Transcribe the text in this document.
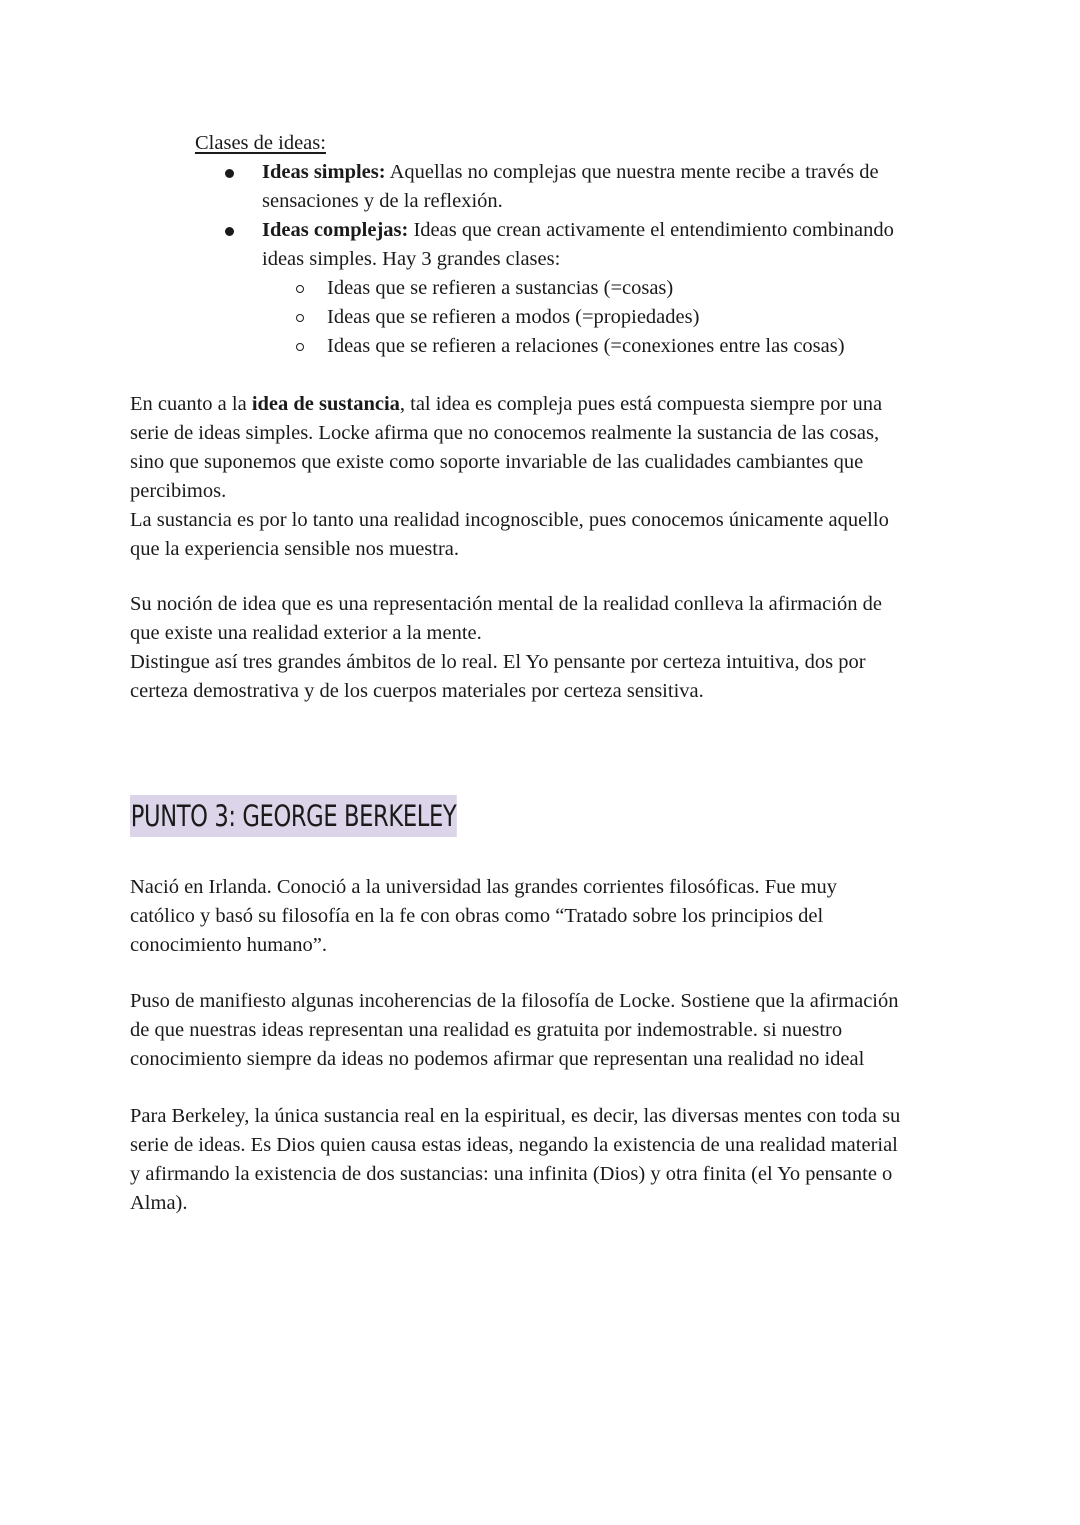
Clases de ideas:

Ideas simples: Aquellas no complejas que nuestra mente recibe a través de

sensaciones y de la reflexión.

Ideas complejas: Ideas que crean activamente el entendimiento combinando

ideas simples. Hay 3 grandes clases:

Ideas que se refieren a sustancias (=cosas)
Ideas que se refieren a modos (=propiedades)
Ideas que se refieren a relaciones (=conexiones entre las cosas)

En cuanto a la idea de sustancia, tal idea es compleja pues está compuesta siempre por una

serie de ideas simples. Locke afirma que no conocemos realmente la sustancia de las cosas,

sino que suponemos que existe como soporte invariable de las cualidades cambiantes que

percibimos.

La sustancia es por lo tanto una realidad incognoscible, pues conocemos únicamente aquello

que la experiencia sensible nos muestra.

Su noción de idea que es una representación mental de la realidad conlleva la afirmación de

que existe una realidad exterior a la mente.

Distingue así tres grandes ámbitos de lo real. El Yo pensante por certeza intuitiva, dos por

certeza demostrativa y de los cuerpos materiales por certeza sensitiva.

PUNTO 3: GEORGE BERKELEY

Nació en Irlanda. Conoció a la universidad las grandes corrientes filosóficas. Fue muy

católico y basó su filosofía en la fe con obras como “Tratado sobre los principios del

conocimiento humano”.

Puso de manifiesto algunas incoherencias de la filosofía de Locke. Sostiene que la afirmación

de que nuestras ideas representan una realidad es gratuita por indemostrable. si nuestro

conocimiento siempre da ideas no podemos afirmar que representan una realidad no ideal

Para Berkeley, la única sustancia real en la espiritual, es decir, las diversas mentes con toda su

serie de ideas. Es Dios quien causa estas ideas, negando la existencia de una realidad material

y afirmando la existencia de dos sustancias: una infinita (Dios) y otra finita (el Yo pensante o

Alma).
